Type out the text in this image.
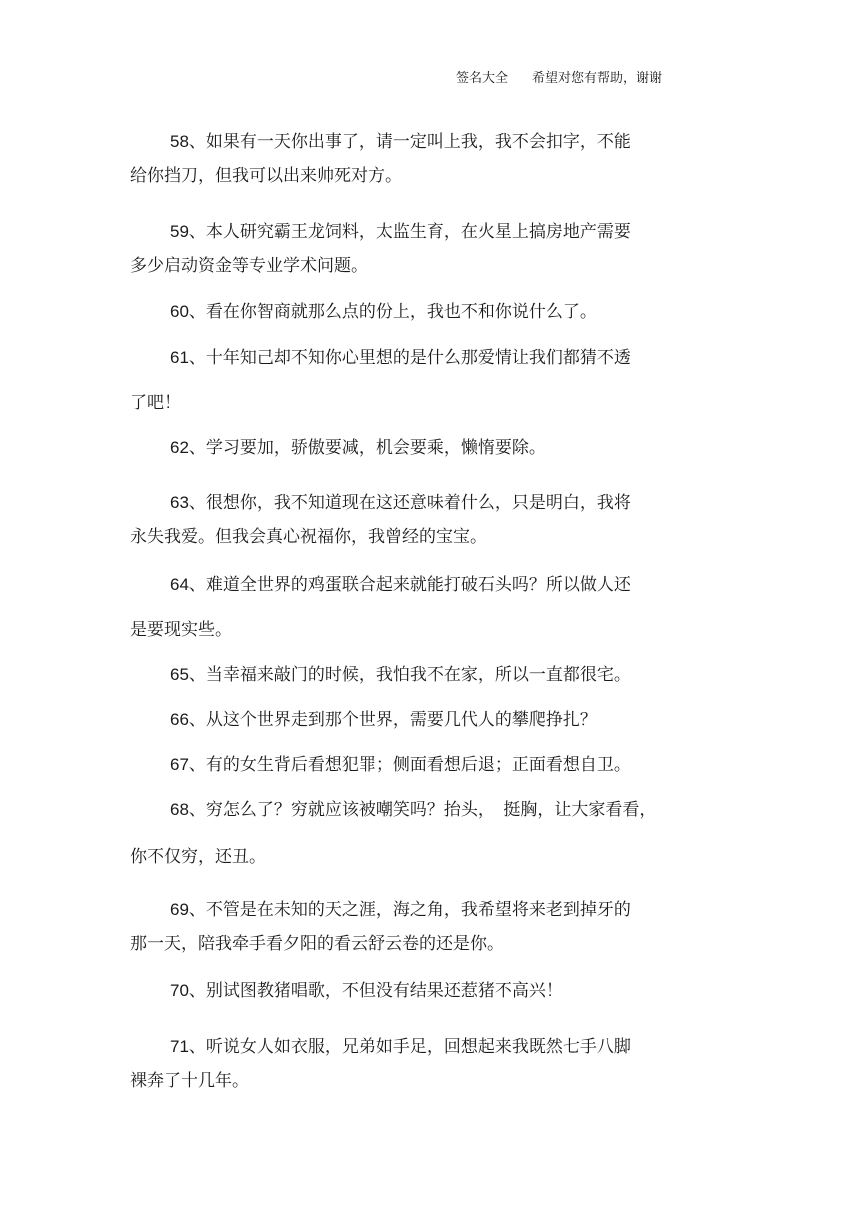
签名大全 希望对您有帮助，谢谢

58、如果有一天你出事了，请一定叫上我，我不会扣字，不能

给你挡刀，但我可以出来帅死对方。

59、本人研究霸王龙饲料，太监生育，在火星上搞房地产需要

多少启动资金等专业学术问题。

60、看在你智商就那么点的份上，我也不和你说什么了。

61、十年知己却不知你心里想的是什么那爱情让我们都猜不透

了吧！

62、学习要加，骄傲要减，机会要乘，懒惰要除。

63、很想你，我不知道现在这还意味着什么，只是明白，我将

永失我爱。但我会真心祝福你，我曾经的宝宝。

64、难道全世界的鸡蛋联合起来就能打破石头吗？所以做人还

是要现实些。

65、当幸福来敲门的时候，我怕我不在家，所以一直都很宅。

66、从这个世界走到那个世界，需要几代人的攀爬挣扎？

67、有的女生背后看想犯罪；侧面看想后退；正面看想自卫。

68、穷怎么了？穷就应该被嘲笑吗？抬头，　挺胸，让大家看看，

你不仅穷，还丑。

69、不管是在未知的天之涯，海之角，我希望将来老到掉牙的

那一天，陪我牵手看夕阳的看云舒云卷的还是你。

70、别试图教猪唱歌，不但没有结果还惹猪不高兴！

71、听说女人如衣服，兄弟如手足，回想起来我既然七手八脚

裸奔了十几年。
